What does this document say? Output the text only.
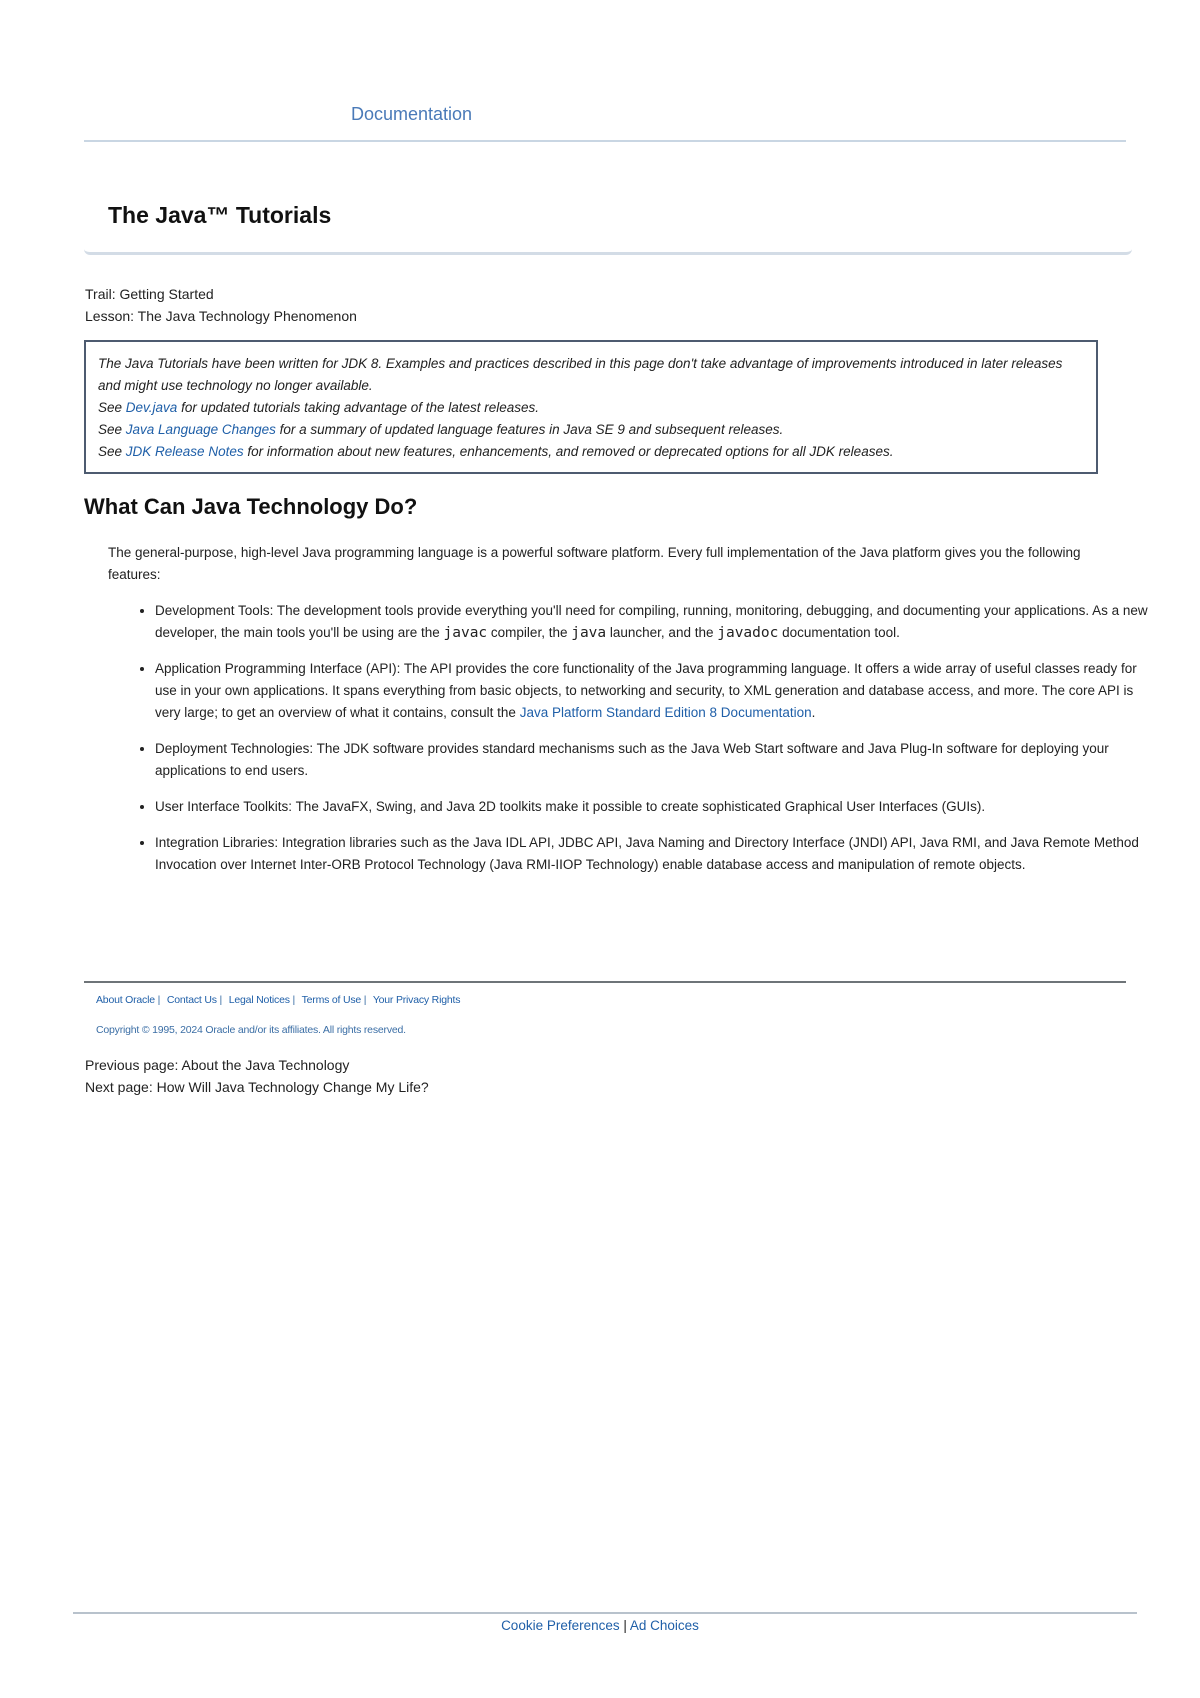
Documentation
The Java™ Tutorials
Trail: Getting Started
Lesson: The Java Technology Phenomenon

The Java Tutorials have been written for JDK 8. Examples and practices described in this page don't take advantage of improvements introduced in later releases and might use technology no longer available.

See Dev.java for updated tutorials taking advantage of the latest releases.

See Java Language Changes for a summary of updated language features in Java SE 9 and subsequent releases.

See JDK Release Notes for information about new features, enhancements, and removed or deprecated options for all JDK releases.

What Can Java Technology Do?

The general-purpose, high-level Java programming language is a powerful software platform. Every full implementation of the Java platform gives you the following features:

• Development Tools: The development tools provide everything you'll need for compiling, running, monitoring, debugging, and documenting your applications. As a new developer, the main tools you'll be using are the javac compiler, the java launcher, and the javadoc documentation tool.
• Application Programming Interface (API): The API provides the core functionality of the Java programming language. It offers a wide array of useful classes ready for use in your own applications. It spans everything from basic objects, to networking and security, to XML generation and database access, and more. The core API is very large; to get an overview of what it contains, consult the Java Platform Standard Edition 8 Documentation.
• Deployment Technologies: The JDK software provides standard mechanisms such as the Java Web Start software and Java Plug-In software for deploying your applications to end users.
• User Interface Toolkits: The JavaFX, Swing, and Java 2D toolkits make it possible to create sophisticated Graphical User Interfaces (GUIs).
• Integration Libraries: Integration libraries such as the Java IDL API, JDBC API, Java Naming and Directory Interface (JNDI) API, Java RMI, and Java Remote Method Invocation over Internet Inter-ORB Protocol Technology (Java RMI-IIOP Technology) enable database access and manipulation of remote objects.
About Oracle | Contact Us | Legal Notices | Terms of Use | Your Privacy Rights
Copyright © 1995, 2024 Oracle and/or its affiliates. All rights reserved.
Previous page: About the Java Technology
Next page: How Will Java Technology Change My Life?
Cookie Preferences | Ad Choices
